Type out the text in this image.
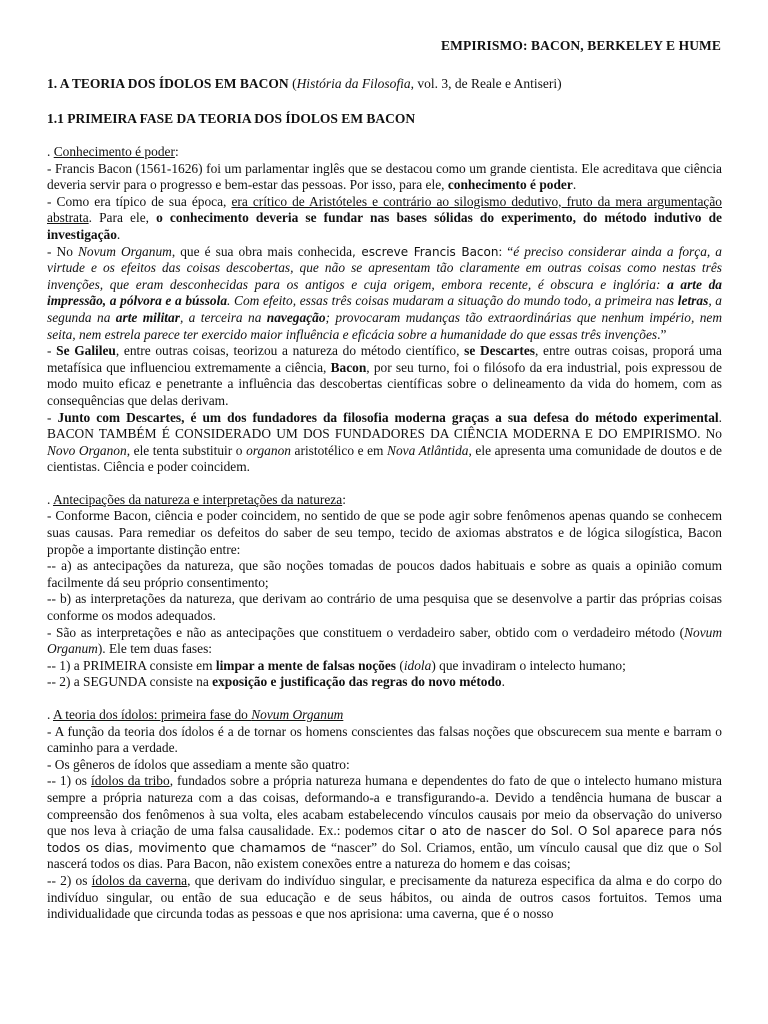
EMPIRISMO: BACON, BERKELEY E HUME
1. A TEORIA DOS ÍDOLOS EM BACON (História da Filosofia, vol. 3, de Reale e Antiseri)
1.1 PRIMEIRA FASE DA TEORIA DOS ÍDOLOS EM BACON

. Conhecimento é poder:

- Francis Bacon (1561-1626) foi um parlamentar inglês que se destacou como um grande cientista. Ele acreditava que ciência deveria servir para o progresso e bem-estar das pessoas. Por isso, para ele, conhecimento é poder.

- Como era típico de sua época, era crítico de Aristóteles e contrário ao silogismo dedutivo, fruto da mera argumentação abstrata. Para ele, o conhecimento deveria se fundar nas bases sólidas do experimento, do método indutivo de investigação.

- No Novum Organum, que é sua obra mais conhecida, escreve Francis Bacon: “é preciso considerar ainda a força, a virtude e os efeitos das coisas descobertas, que não se apresentam tão claramente em outras coisas como nestas três invenções, que eram desconhecidas para os antigos e cuja origem, embora recente, é obscura e inglória: a arte da impressão, a pólvora e a bússola. Com efeito, essas três coisas mudaram a situação do mundo todo, a primeira nas letras, a segunda na arte militar, a terceira na navegação; provocaram mudanças tão extraordinárias que nenhum império, nem seita, nem estrela parece ter exercido maior influência e eficácia sobre a humanidade do que essas três invenções.”

- Se Galileu, entre outras coisas, teorizou a natureza do método científico, se Descartes, entre outras coisas, proporá uma metafísica que influenciou extremamente a ciência, Bacon, por seu turno, foi o filósofo da era industrial, pois expressou de modo muito eficaz e penetrante a influência das descobertas científicas sobre o delineamento da vida do homem, com as consequências que delas derivam.

- Junto com Descartes, é um dos fundadores da filosofia moderna graças a sua defesa do método experimental. BACON TAMBÉM É CONSIDERADO UM DOS FUNDADORES DA CIÊNCIA MODERNA E DO EMPIRISMO. No Novo Organon, ele tenta substituir o organon aristotélico e em Nova Atlântida, ele apresenta uma comunidade de doutos e de cientistas. Ciência e poder coincidem.

. Antecipações da natureza e interpretações da natureza:

- Conforme Bacon, ciência e poder coincidem, no sentido de que se pode agir sobre fenômenos apenas quando se conhecem suas causas. Para remediar os defeitos do saber de seu tempo, tecido de axiomas abstratos e de lógica silogística, Bacon propõe a importante distinção entre:

-- a) as antecipações da natureza, que são noções tomadas de poucos dados habituais e sobre as quais a opinião comum facilmente dá seu próprio consentimento;

-- b) as interpretações da natureza, que derivam ao contrário de uma pesquisa que se desenvolve a partir das próprias coisas conforme os modos adequados.

- São as interpretações e não as antecipações que constituem o verdadeiro saber, obtido com o verdadeiro método (Novum Organum). Ele tem duas fases:

-- 1) a PRIMEIRA consiste em limpar a mente de falsas noções (idola) que invadiram o intelecto humano;

-- 2) a SEGUNDA consiste na exposição e justificação das regras do novo método.

. A teoria dos ídolos: primeira fase do Novum Organum

- A função da teoria dos ídolos é a de tornar os homens conscientes das falsas noções que obscurecem sua mente e barram o caminho para a verdade.

- Os gêneros de ídolos que assediam a mente são quatro:

-- 1) os ídolos da tribo, fundados sobre a própria natureza humana e dependentes do fato de que o intelecto humano mistura sempre a própria natureza com a das coisas, deformando-a e transfigurando-a. Devido a tendência humana de buscar a compreensão dos fenômenos à sua volta, eles acabam estabelecendo vínculos causais por meio da observação do universo que nos leva à criação de uma falsa causalidade. Ex.: podemos citar o ato de nascer do Sol. O Sol aparece para nós todos os dias, movimento que chamamos de “nascer” do Sol. Criamos, então, um vínculo causal que diz que o Sol nascerá todos os dias. Para Bacon, não existem conexões entre a natureza do homem e das coisas;

-- 2) os ídolos da caverna, que derivam do indivíduo singular, e precisamente da natureza especifica da alma e do corpo do indivíduo singular, ou então de sua educação e de seus hábitos, ou ainda de outros casos fortuitos. Temos uma individualidade que circunda todas as pessoas e que nos aprisiona: uma caverna, que é o nosso
